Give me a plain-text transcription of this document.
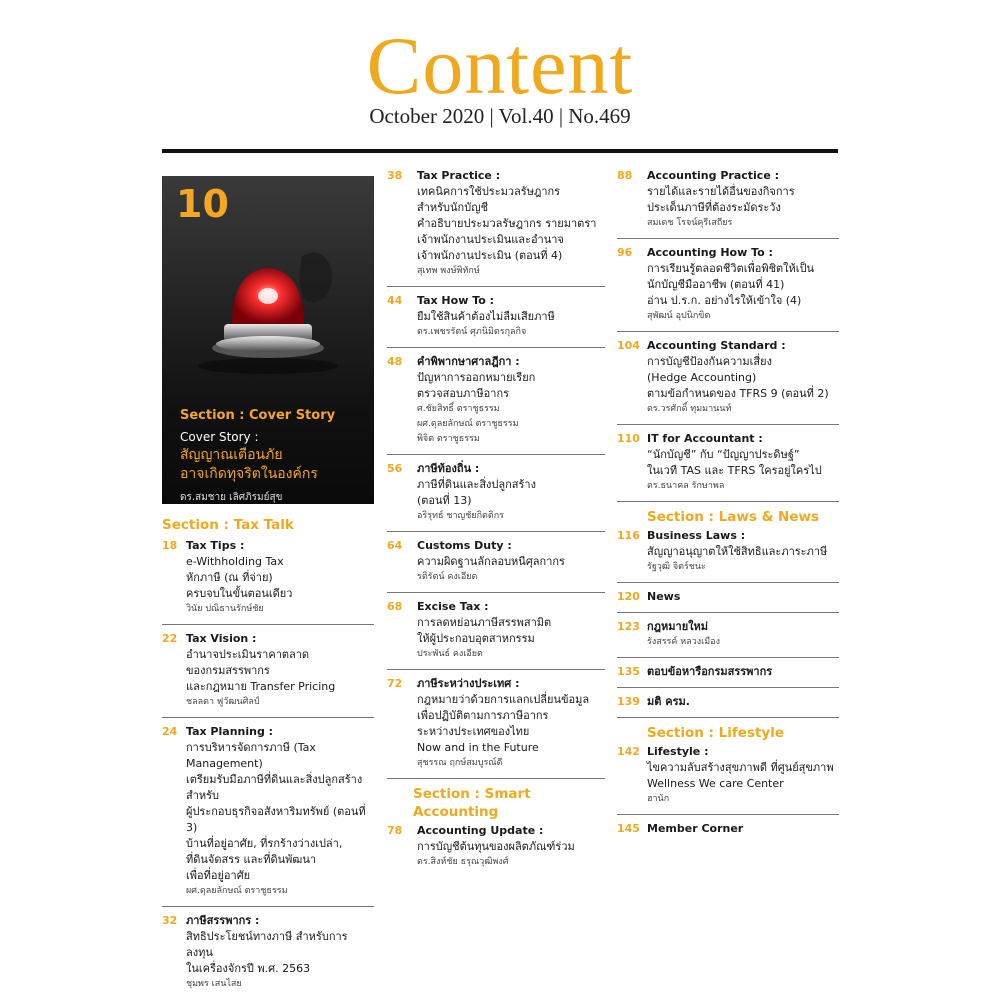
Content
October 2020 | Vol.40 | No.469
10
Section : Cover Story
Cover Story :
สัญญาณเตือนภัย
อาจเกิดทุจริตในองค์กร
ดร.สมชาย เลิศภิรมย์สุข

Section : Tax Talk

18 Tax Tips :
e-Withholding Tax
หักภาษี (ณ ที่จ่าย)
ครบจบในขั้นตอนเดียว
วินัย ปณิธานรักษ์ชัย
22 Tax Vision :
อำนาจประเมินราคาตลาด
ของกรมสรรพากร
และกฎหมาย Transfer Pricing
ชลลดา ฟูวัฒนศิลป์
24 Tax Planning :
การบริหารจัดการภาษี (Tax Management)
เตรียมรับมือภาษีที่ดินและสิ่งปลูกสร้างสำหรับ
ผู้ประกอบธุรกิจอสังหาริมทรัพย์ (ตอนที่ 3)
บ้านที่อยู่อาศัย, ที่รกร้างว่างเปล่า,
ที่ดินจัดสรร และที่ดินพัฒนา
เพื่อที่อยู่อาศัย
ผศ.ดุลยลักษณ์ ตราชูธรรม
32 ภาษีสรรพากร :
สิทธิประโยชน์ทางภาษี สำหรับการลงทุน
ในเครื่องจักรปี พ.ศ. 2563
ชุมพร เสนไสย
38 Tax Practice :
เทคนิคการใช้ประมวลรัษฎากร
สำหรับนักบัญชี
คำอธิบายประมวลรัษฎากร รายมาตรา
เจ้าพนักงานประเมินและอำนาจ
เจ้าพนักงานประเมิน (ตอนที่ 4)
สุเทพ พงษ์พิทักษ์
44 Tax How To :
ยืมใช้สินค้าต้องไม่ลืมเสียภาษี
ดร.เพชรรัตน์ ศุภนิมิตรกุลกิจ
48 คำพิพากษาศาลฎีกา :
ปัญหาการออกหมายเรียก
ตรวจสอบภาษีอากร
ศ.ชัยสิทธิ์ ตราชูธรรม
ผศ.ดุลยลักษณ์ ตราชูธรรม
พิจิต ตราชูธรรม
56 ภาษีท้องถิ่น :
ภาษีที่ดินและสิ่งปลูกสร้าง
(ตอนที่ 13)
อริรุทธ์ ชาญชัยกิตติกร
64 Customs Duty :
ความผิดฐานลักลอบหนีศุลกากร
รติรัตน์ คงเอียด
68 Excise Tax :
การลดหย่อนภาษีสรรพสามิต
ให้ผู้ประกอบอุตสาหกรรม
ประพันธ์ คงเอียด
72 ภาษีระหว่างประเทศ :
กฎหมายว่าด้วยการแลกเปลี่ยนข้อมูล
เพื่อปฏิบัติตามการภาษีอากร
ระหว่างประเทศของไทย
Now and in the Future
สุชรรณ ฤกษ์สมบูรณ์ดี

Section : Smart Accounting

78 Accounting Update :
การบัญชีต้นทุนของผลิตภัณฑ์ร่วม
ดร.สิงห์ชัย ธรุณวุฒิพงศ์
88 Accounting Practice :
รายได้และรายได้อื่นของกิจการ
ประเด็นภาษีที่ต้องระมัดระวัง
สมเดช โรจน์คุรีเสถียร
96 Accounting How To :
การเรียนรู้ตลอดชีวิตเพื่อพิชิตให้เป็น
นักบัญชีมืออาชีพ (ตอนที่ 41)
อ่าน ป.ร.ก. อย่างไรให้เข้าใจ (4)
สุพัฒน์ อุปนิกขิต
104 Accounting Standard :
การบัญชีป้องกันความเสี่ยง
(Hedge Accounting)
ตามข้อกำหนดของ TFRS 9 (ตอนที่ 2)
ดร.วรศักดิ์ ทุมมานนท์
110 IT for Accountant :
“นักบัญชี” กับ “ปัญญาประดิษฐ์”
ในเวที TAS และ TFRS ใครอยู่ใครไป
ดร.ธนาคล รักษาพล

Section : Laws & News

116 Business Laws :
สัญญาอนุญาตให้ใช้สิทธิและภาระภาษี
รัฐวุฒิ จิตร์ชนะ
120 News
123 กฎหมายใหม่
รังสรรค์ หลวงเมือง
135 ตอบข้อหารือกรมสรรพากร
139 มติ ครม.

Section : Lifestyle

142 Lifestyle :
ไขความลับสร้างสุขภาพดี ที่ศูนย์สุขภาพ
Wellness We care Center
ฮานัก
145 Member Corner
